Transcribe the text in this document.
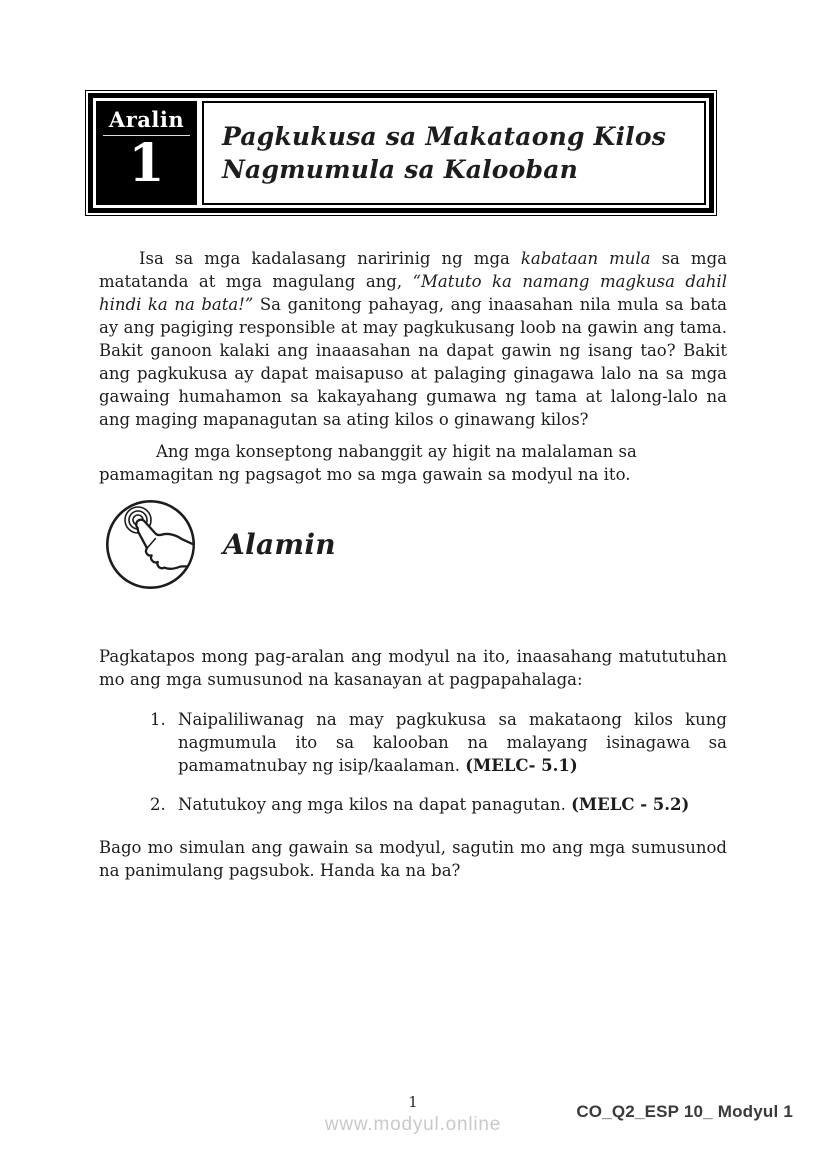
Aralin
1 Pagkukusa sa Makataong Kilos
Nagmumula sa Kalooban

Isa sa mga kadalasang naririnig ng mga kabataan mula sa mga matatanda at mga magulang ang, “Matuto ka namang magkusa dahil hindi ka na bata!” Sa ganitong pahayag, ang inaasahan nila mula sa bata ay ang pagiging responsible at may pagkukusang loob na gawin ang tama. Bakit ganoon kalaki ang inaaasahan na dapat gawin ng isang tao? Bakit ang pagkukusa ay dapat maisapuso at palaging ginagawa lalo na sa mga gawaing humahamon sa kakayahang gumawa ng tama at lalong-lalo na ang maging mapanagutan sa ating kilos o ginawang kilos?

Ang mga konseptong nabanggit ay higit na malalaman sa pamamagitan ng pagsagot mo sa mga gawain sa modyul na ito.

Alamin

Pagkatapos mong pag-aralan ang modyul na ito, inaasahang matututuhan mo ang mga sumusunod na kasanayan at pagpapahalaga:

1. Naipaliliwanag na may pagkukusa sa makataong kilos kung nagmumula ito sa kalooban na malayang isinagawa sa pamamatnubay ng isip/kaalaman. (MELC- 5.1)
2. Natutukoy ang mga kilos na dapat panagutan. (MELC - 5.2)

Bago mo simulan ang gawain sa modyul, sagutin mo ang mga sumusunod na panimulang pagsubok. Handa ka na ba?

1
www.modyul.online
CO_Q2_ESP 10_ Modyul 1
